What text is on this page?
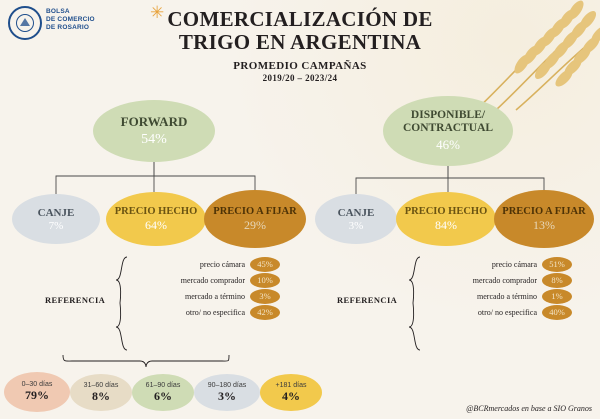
BOLSA
DE COMERCIO
DE ROSARIO
✳ COMERCIALIZACIÓN DE
TRIGO EN ARGENTINA
PROMEDIO CAMPAÑAS
2019/20 – 2023/24
FORWARD
54%
CANJE
7%
PRECIO HECHO
64%
PRECIO A FIJAR
29%
DISPONIBLE/
CONTRACTUAL
46%
CANJE
3%
PRECIO HECHO
84%
PRECIO A FIJAR
13%
REFERENCIA
precio cámara	45%
mercado comprador	10%
mercado a término	3%
otro/ no especifica	42%
REFERENCIA
precio cámara	51%
mercado comprador	8%
mercado a término	1%
otro/ no especifica	40%
0–30 días
79%
31–60 días
8%
61–90 días
6%
90–180 días
3%
+181 días
4%
@BCRmercados en base a SIO Granos
